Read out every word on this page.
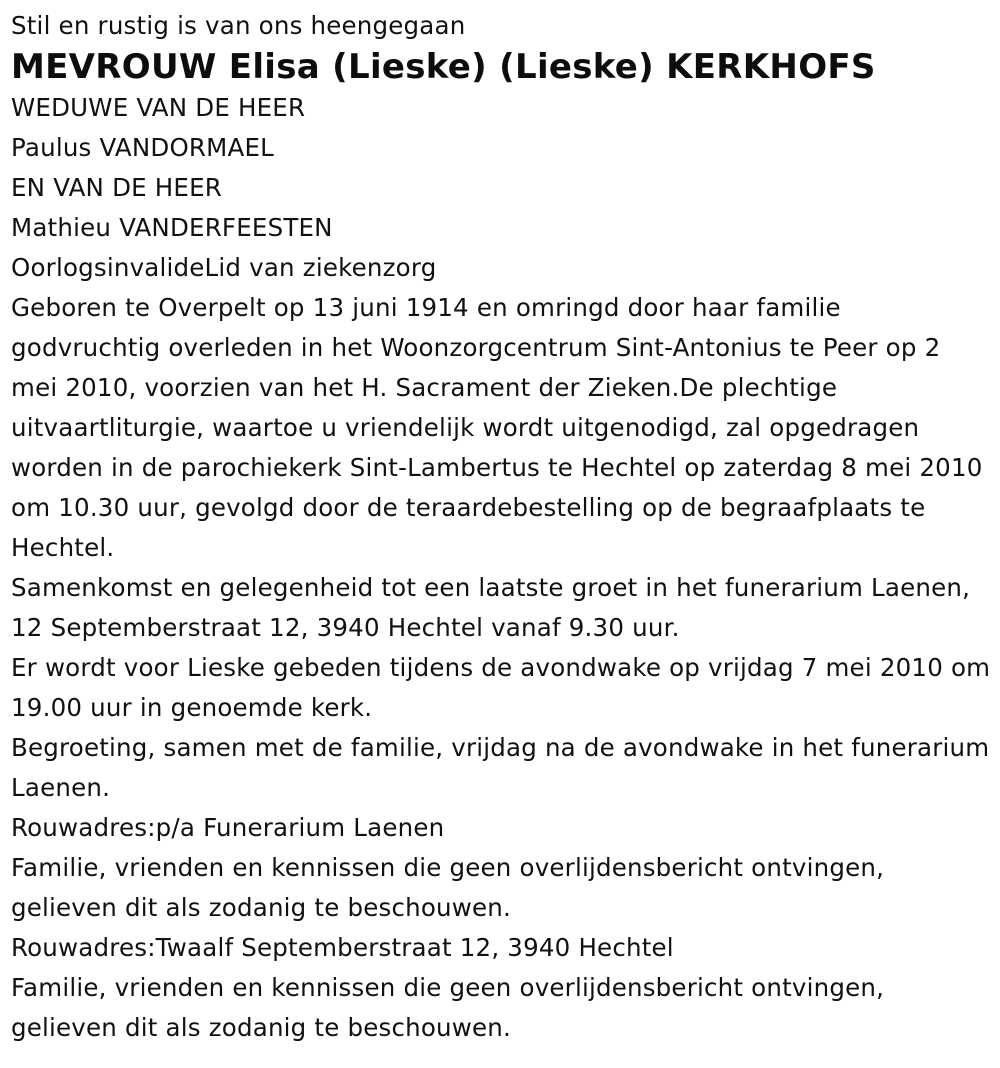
Stil en rustig is van ons heengegaan
MEVROUW Elisa (Lieske) (Lieske) KERKHOFS
WEDUWE VAN DE HEER
Paulus VANDORMAEL
EN VAN DE HEER
Mathieu VANDERFEESTEN
OorlogsinvalideLid van ziekenzorg
Geboren te Overpelt op 13 juni 1914 en omringd door haar familie godvruchtig overleden in het Woonzorgcentrum Sint-Antonius te Peer op 2 mei 2010, voorzien van het H. Sacrament der Zieken.De plechtige uitvaartliturgie, waartoe u vriendelijk wordt uitgenodigd, zal opgedragen worden in de parochiekerk Sint-Lambertus te Hechtel op zaterdag 8 mei 2010 om 10.30 uur, gevolgd door de teraardebestelling op de begraafplaats te Hechtel.
Samenkomst en gelegenheid tot een laatste groet in het funerarium Laenen, 12 Septemberstraat 12, 3940 Hechtel vanaf 9.30 uur.
Er wordt voor Lieske gebeden tijdens de avondwake op vrijdag 7 mei 2010 om 19.00 uur in genoemde kerk.
Begroeting, samen met de familie, vrijdag na de avondwake in het funerarium Laenen.
Rouwadres:p/a Funerarium Laenen
Familie, vrienden en kennissen die geen overlijdensbericht ontvingen, gelieven dit als zodanig te beschouwen.
Rouwadres:Twaalf Septemberstraat 12, 3940 Hechtel
Familie, vrienden en kennissen die geen overlijdensbericht ontvingen, gelieven dit als zodanig te beschouwen.
